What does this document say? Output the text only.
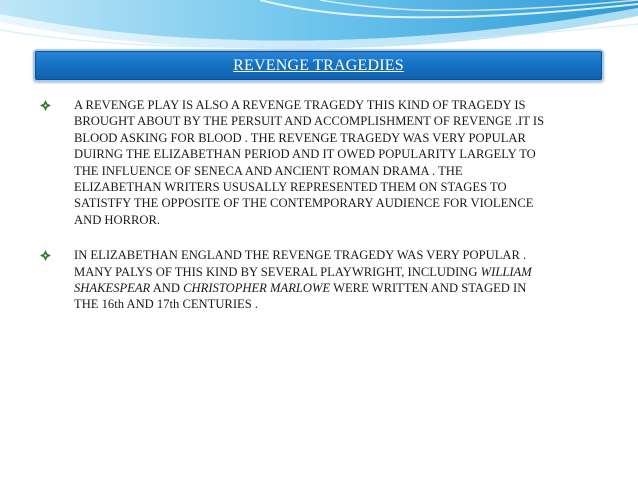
REVENGE TRAGEDIES

A REVENGE PLAY IS ALSO A REVENGE TRAGEDY THIS KIND OF TRAGEDY IS

BROUGHT ABOUT BY THE PERSUIT AND ACCOMPLISHMENT OF REVENGE .IT IS

BLOOD ASKING FOR BLOOD . THE REVENGE TRAGEDY WAS VERY POPULAR

DUIRNG THE ELIZABETHAN PERIOD AND IT OWED POPULARITY LARGELY TO

THE INFLUENCE OF SENECA AND ANCIENT ROMAN DRAMA . THE

ELIZABETHAN WRITERS USUSALLY REPRESENTED THEM ON STAGES TO

SATISTFY THE OPPOSITE OF THE CONTEMPORARY AUDIENCE FOR VIOLENCE

AND HORROR.

IN ELIZABETHAN ENGLAND THE REVENGE TRAGEDY WAS VERY POPULAR .

MANY PALYS OF THIS KIND BY SEVERAL PLAYWRIGHT, INCLUDING WILLIAM

SHAKESPEAR AND CHRISTOPHER MARLOWE WERE WRITTEN AND STAGED IN

THE 16th AND 17th CENTURIES .
